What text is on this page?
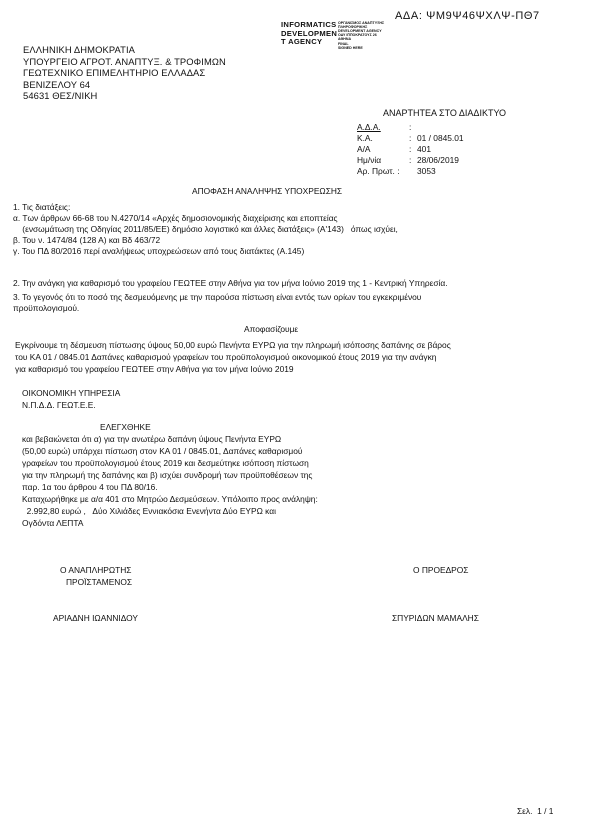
ΑΔΑ: ΨΜ9Ψ46ΨΧΛΨ-ΠΘ7
INFORMATICS
DEVELOPMEN
T AGENCY
ΟΡΓΑΝΙΣΜΟΣ ΑΝΑΠΤΥΞΗΣ
ΠΛΗΡΟΦΟΡΙΚΗΣ
DEVELOPMENT AGENCY
ΟΔΥ ΙΠΠΟΚΡΑΤΟΥΣ 26
ΑΘΗΝΑ
FINAL
SIGNED HERE
ΕΛΛΗΝΙΚΗ ΔΗΜΟΚΡΑΤΙΑ
ΥΠΟΥΡΓΕΙΟ ΑΓΡΟΤ. ΑΝΑΠΤΥΞ. & ΤΡΟΦΙΜΩΝ
ΓΕΩΤΕΧΝΙΚΟ ΕΠΙΜΕΛΗΤΗΡΙΟ ΕΛΛΑΔΑΣ
ΒΕΝΙΖΕΛΟΥ 64
54631 ΘΕΣ/ΝΙΚΗ
ΑΝΑΡΤΗΤΕΑ ΣΤΟ ΔΙΑΔΙΚΤΥΟ
Α.Δ.Α.	:
Κ.Α.	: 01 / 0845.01
Α/Α	: 401
Ημ/νία	: 28/06/2019
Αρ. Πρωτ. : 3053
ΑΠΟΦΑΣΗ ΑΝΑΛΗΨΗΣ ΥΠΟΧΡΕΩΣΗΣ
1. Τις διατάξεις:
α. Των άρθρων 66-68 του Ν.4270/14 «Αρχές δημοσιονομικής διαχείρισης και εποπτείας
(ενσωμάτωση της Οδηγίας 2011/85/ΕΕ) δημόσιο λογιστικό και άλλες διατάξεις» (Α'143)   όπως ισχύει,
β. Του ν. 1474/84 (128 Α) και Βδ 463/72
γ. Του ΠΔ 80/2016 περί αναλήψεως υποχρεώσεων από τους διατάκτες (Α.145)
2. Την ανάγκη για καθαρισμό του γραφείου ΓΕΩΤΕΕ στην Αθήνα για τον μήνα Ιούνιο 2019 της 1 - Κεντρική Υπηρεσία.
3. Το γεγονός ότι το ποσό της δεσμευόμενης με την παρούσα πίστωση είναι εντός των ορίων του εγκεκριμένου
προϋπολογισμού.
Αποφασίζουμε
Εγκρίνουμε τη δέσμευση πίστωσης ύψους 50,00 ευρώ Πενήντα ΕΥΡΩ για την πληρωμή ισόποσης δαπάνης σε βάρος
του ΚΑ 01 / 0845.01 Δαπάνες καθαρισμού γραφείων του προϋπολογισμού οικονομικού έτους 2019 για την ανάγκη
για καθαρισμό του γραφείου ΓΕΩΤΕΕ στην Αθήνα για τον μήνα Ιούνιο 2019
ΟΙΚΟΝΟΜΙΚΗ ΥΠΗΡΕΣΙΑ
Ν.Π.Δ.Δ. ΓΕΩΤ.Ε.Ε.
ΕΛΕΓΧΘΗΚΕ
και βεβαιώνεται ότι α) για την ανωτέρω δαπάνη ύψους Πενήντα ΕΥΡΩ
(50,00 ευρώ) υπάρχει πίστωση στον ΚΑ 01 / 0845.01, Δαπάνες καθαρισμού
γραφείων του προϋπολογισμού έτους 2019 και δεσμεύτηκε ισόποση πίστωση
για την πληρωμή της δαπάνης και β) ισχύει συνδρομή των προϋποθέσεων της
παρ. 1α του άρθρου 4 του ΠΔ 80/16.
Καταχωρήθηκε με α/α 401 στο Μητρώο Δεσμεύσεων. Υπόλοιπο προς ανάληψη:
2.992,80 ευρώ ,   Δύο Χιλιάδες Εννιακόσια Ενενήντα Δύο ΕΥΡΩ και
Ογδόντα ΛΕΠΤΑ
Ο ΑΝΑΠΛΗΡΩΤΗΣ
ΠΡΟΪΣΤΑΜΕΝΟΣ
Ο ΠΡΟΕΔΡΟΣ
ΑΡΙΑΔΝΗ ΙΩΑΝΝΙΔΟΥ	ΣΠΥΡΙΔΩΝ ΜΑΜΑΛΗΣ
Σελ.  1 / 1
